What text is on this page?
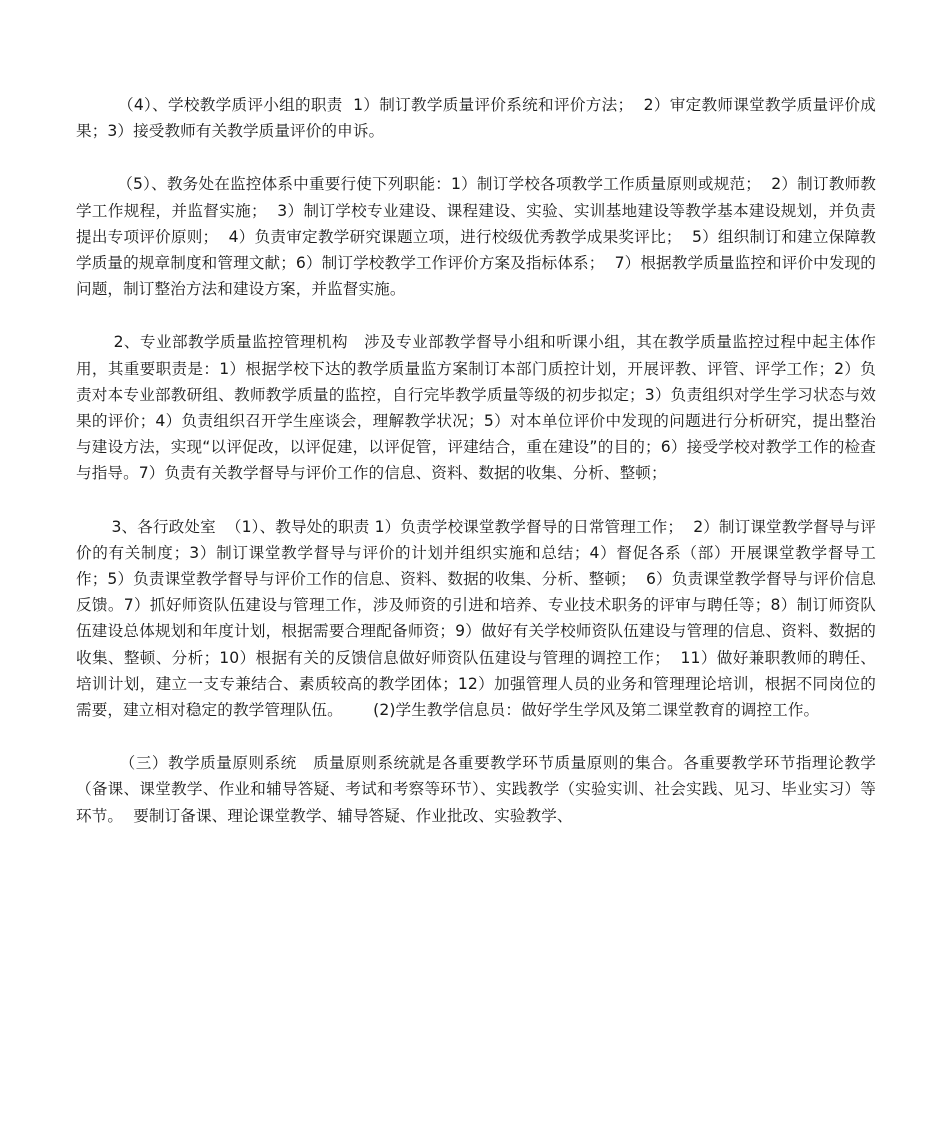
（4）、学校教学质评小组的职责  1）制订教学质量评价系统和评价方法；  2）审定教师课堂教学质量评价成果；3）接受教师有关教学质量评价的申诉。

（5）、教务处在监控体系中重要行使下列职能：1）制订学校各项教学工作质量原则或规范；  2）制订教师教学工作规程，并监督实施；  3）制订学校专业建设、课程建设、实验、实训基地建设等教学基本建设规划，并负责提出专项评价原则；  4）负责审定教学研究课题立项，进行校级优秀教学成果奖评比；  5）组织制订和建立保障教学质量的规章制度和管理文献；6）制订学校教学工作评价方案及指标体系；  7）根据教学质量监控和评价中发现的问题，制订整治方法和建设方案，并监督实施。

2、专业部教学质量监控管理机构   涉及专业部教学督导小组和听课小组，其在教学质量监控过程中起主体作用，其重要职责是：1）根据学校下达的教学质量监方案制订本部门质控计划，开展评教、评管、评学工作；2）负责对本专业部教研组、教师教学质量的监控，自行完毕教学质量等级的初步拟定；3）负责组织对学生学习状态与效果的评价；4）负责组织召开学生座谈会，理解教学状况；5）对本单位评价中发现的问题进行分析研究，提出整治与建设方法，实现“以评促改，以评促建，以评促管，评建结合，重在建设”的目的；6）接受学校对教学工作的检查与指导。7）负责有关教学督导与评价工作的信息、资料、数据的收集、分析、整顿；

3、各行政处室  （1）、教导处的职责 1）负责学校课堂教学督导的日常管理工作；  2）制订课堂教学督导与评价的有关制度；3）制订课堂教学督导与评价的计划并组织实施和总结；4）督促各系（部）开展课堂教学督导工作；5）负责课堂教学督导与评价工作的信息、资料、数据的收集、分析、整顿；  6）负责课堂教学督导与评价信息反馈。7）抓好师资队伍建设与管理工作，涉及师资的引进和培养、专业技术职务的评审与聘任等；8）制订师资队伍建设总体规划和年度计划，根据需要合理配备师资；9）做好有关学校师资队伍建设与管理的信息、资料、数据的收集、整顿、分析；10）根据有关的反馈信息做好师资队伍建设与管理的调控工作；  11）做好兼职教师的聘任、培训计划，建立一支专兼结合、素质较高的教学团体；12）加强管理人员的业务和管理理论培训，根据不同岗位的需要，建立相对稳定的教学管理队伍。      (2)学生教学信息员：做好学生学风及第二课堂教育的调控工作。

（三）教学质量原则系统   质量原则系统就是各重要教学环节质量原则的集合。各重要教学环节指理论教学（备课、课堂教学、作业和辅导答疑、考试和考察等环节）、实践教学（实验实训、社会实践、见习、毕业实习）等环节。  要制订备课、理论课堂教学、辅导答疑、作业批改、实验教学、
